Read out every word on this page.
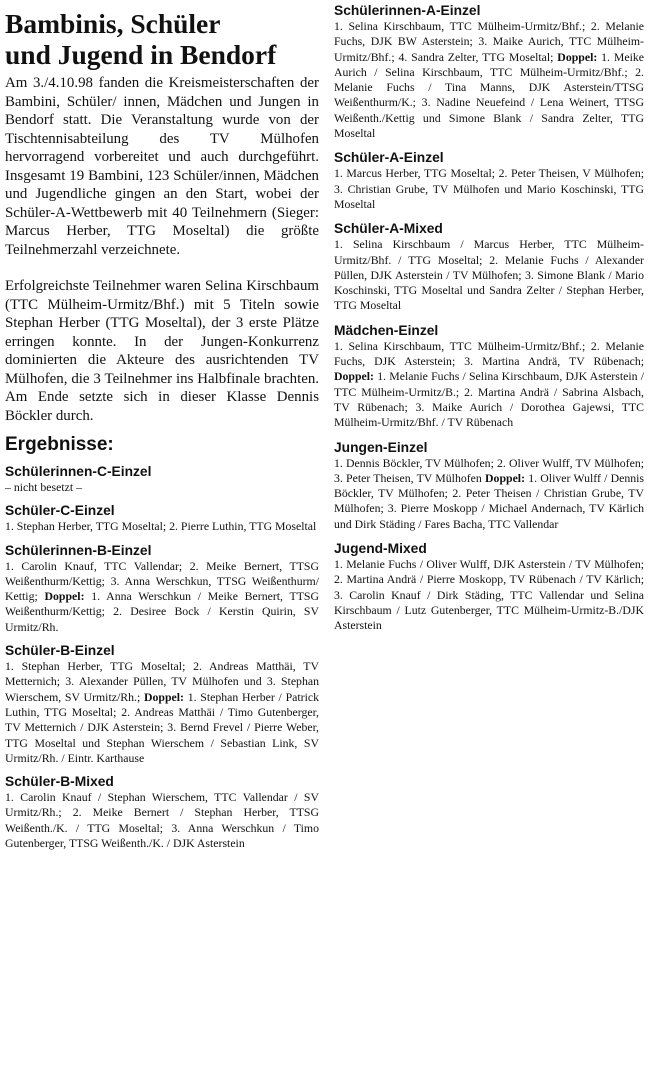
Bambinis, Schüler
und Jugend in Bendorf

Am 3./4.10.98 fanden die Kreismeisterschaften der Bambini, Schüler/ innen, Mädchen und Jungen in Bendorf statt. Die Veranstaltung wurde von der Tischtennisabteilung des TV Mülhofen hervorragend vorbereitet und auch durchgeführt. Insgesamt 19 Bambini, 123 Schüler/innen, Mädchen und Jugendliche gingen an den Start, wobei der Schüler-A-Wettbewerb mit 40 Teilnehmern (Sieger: Marcus Herber, TTG Moseltal) die größte Teilnehmerzahl verzeichnete.

Erfolgreichste Teilnehmer waren Selina Kirschbaum (TTC Mülheim-Urmitz/Bhf.) mit 5 Titeln sowie Stephan Herber (TTG Moseltal), der 3 erste Plätze erringen konnte. In der Jungen-Konkurrenz dominierten die Akteure des ausrichtenden TV Mülhofen, die 3 Teilnehmer ins Halbfinale brachten. Am Ende setzte sich in dieser Klasse Dennis Böckler durch.

Ergebnisse:
Schülerinnen-C-Einzel

– nicht besetzt –

Schüler-C-Einzel

1. Stephan Herber, TTG Moseltal; 2. Pierre Luthin, TTG Moseltal

Schülerinnen-B-Einzel

1. Carolin Knauf, TTC Vallendar; 2. Meike Bernert, TTSG Weißenthurm/Kettig; 3. Anna Werschkun, TTSG Weißenthurm/ Kettig; Doppel: 1. Anna Werschkun / Meike Bernert, TTSG Weißenthurm/Kettig; 2. Desiree Bock / Kerstin Quirin, SV Urmitz/Rh.

Schüler-B-Einzel

1. Stephan Herber, TTG Moseltal; 2. Andreas Matthäi, TV Metternich; 3. Alexander Püllen, TV Mülhofen und 3. Stephan Wierschem, SV Urmitz/Rh.; Doppel: 1. Stephan Herber / Patrick Luthin, TTG Moseltal; 2. Andreas Matthäi / Timo Gutenberger, TV Metternich / DJK Asterstein; 3. Bernd Frevel / Pierre Weber, TTG Moseltal und Stephan Wierschem / Sebastian Link, SV Urmitz/Rh. / Eintr. Karthause

Schüler-B-Mixed

1. Carolin Knauf / Stephan Wierschem, TTC Vallendar / SV Urmitz/Rh.; 2. Meike Bernert / Stephan Herber, TTSG Weißenth./K. / TTG Moseltal; 3. Anna Werschkun / Timo Gutenberger, TTSG Weißenth./K. / DJK Asterstein

Schülerinnen-A-Einzel

1. Selina Kirschbaum, TTC Mülheim-Urmitz/Bhf.; 2. Melanie Fuchs, DJK BW Asterstein; 3. Maike Aurich, TTC Mülheim-Urmitz/Bhf.; 4. Sandra Zelter, TTG Moseltal; Doppel: 1. Meike Aurich / Selina Kirschbaum, TTC Mülheim-Urmitz/Bhf.; 2. Melanie Fuchs / Tina Manns, DJK Asterstein/TTSG Weißenthurm/K.; 3. Nadine Neuefeind / Lena Weinert, TTSG Weißenth./Kettig und Simone Blank / Sandra Zelter, TTG Moseltal

Schüler-A-Einzel

1. Marcus Herber, TTG Moseltal; 2. Peter Theisen, V Mülhofen; 3. Christian Grube, TV Mülhofen und Mario Koschinski, TTG Moseltal

Schüler-A-Mixed

1. Selina Kirschbaum / Marcus Herber, TTC Mülheim-Urmitz/Bhf. / TTG Moseltal; 2. Melanie Fuchs / Alexander Püllen, DJK Asterstein / TV Mülhofen; 3. Simone Blank / Mario Koschinski, TTG Moseltal und Sandra Zelter / Stephan Herber, TTG Moseltal

Mädchen-Einzel

1. Selina Kirschbaum, TTC Mülheim-Urmitz/Bhf.; 2. Melanie Fuchs, DJK Asterstein; 3. Martina Andrä, TV Rübenach; Doppel: 1. Melanie Fuchs / Selina Kirschbaum, DJK Asterstein / TTC Mülheim-Urmitz/B.; 2. Martina Andrä / Sabrina Alsbach, TV Rübenach; 3. Maike Aurich / Dorothea Gajewsi, TTC Mülheim-Urmitz/Bhf. / TV Rübenach

Jungen-Einzel

1. Dennis Böckler, TV Mülhofen; 2. Oliver Wulff, TV Mülhofen; 3. Peter Theisen, TV Mülhofen Doppel: 1. Oliver Wulff / Dennis Böckler, TV Mülhofen; 2. Peter Theisen / Christian Grube, TV Mülhofen; 3. Pierre Moskopp / Michael Andernach, TV Kärlich und Dirk Städing / Fares Bacha, TTC Vallendar

Jugend-Mixed

1. Melanie Fuchs / Oliver Wulff, DJK Asterstein / TV Mülhofen; 2. Martina Andrä / Pierre Moskopp, TV Rübenach / TV Kärlich; 3. Carolin Knauf / Dirk Städing, TTC Vallendar und Selina Kirschbaum / Lutz Gutenberger, TTC Mülheim-Urmitz-B./DJK Asterstein
